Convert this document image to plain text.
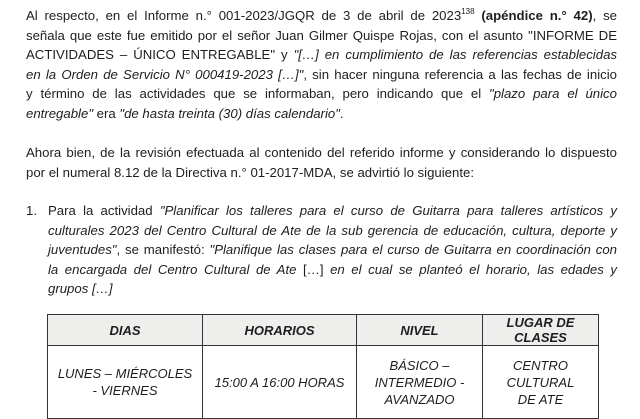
Al respecto, en el Informe n.° 001-2023/JGQR de 3 de abril de 2023$^{138}$ (apéndice n.° 42), se
señala que este fue emitido por el señor Juan Gilmer Quispe Rojas, con el asunto "INFORME DE
ACTIVIDADES – ÚNICO ENTREGABLE" y "[…] en cumplimiento de las referencias establecidas
en la Orden de Servicio N° 000419-2023 […]", sin hacer ninguna referencia a las fechas de inicio
y término de las actividades que se informaban, pero indicando que el "plazo para el único
entregable" era "de hasta treinta (30) días calendario".
Ahora bien, de la revisión efectuada al contenido del referido informe y considerando lo dispuesto
por el numeral 8.12 de la Directiva n.° 01-2017-MDA, se advirtió lo siguiente:
1. Para la actividad "Planificar los talleres para el curso de Guitarra para talleres artísticos y
culturales 2023 del Centro Cultural de Ate de la sub gerencia de educación, cultura, deporte y
juventudes", se manifestó: "Planifique las clases para el curso de Guitarra en coordinación con
la encargada del Centro Cultural de Ate […] en el cual se planteó el horario, las edades y
grupos […]
DIAS	HORARIOS	NIVEL	LUGAR DE CLASES
LUNES – MIÉRCOLES
- VIERNES	15:00 A 16:00 HORAS	BÁSICO –
INTERMEDIO -
AVANZADO	CENTRO CULTURAL
DE ATE
